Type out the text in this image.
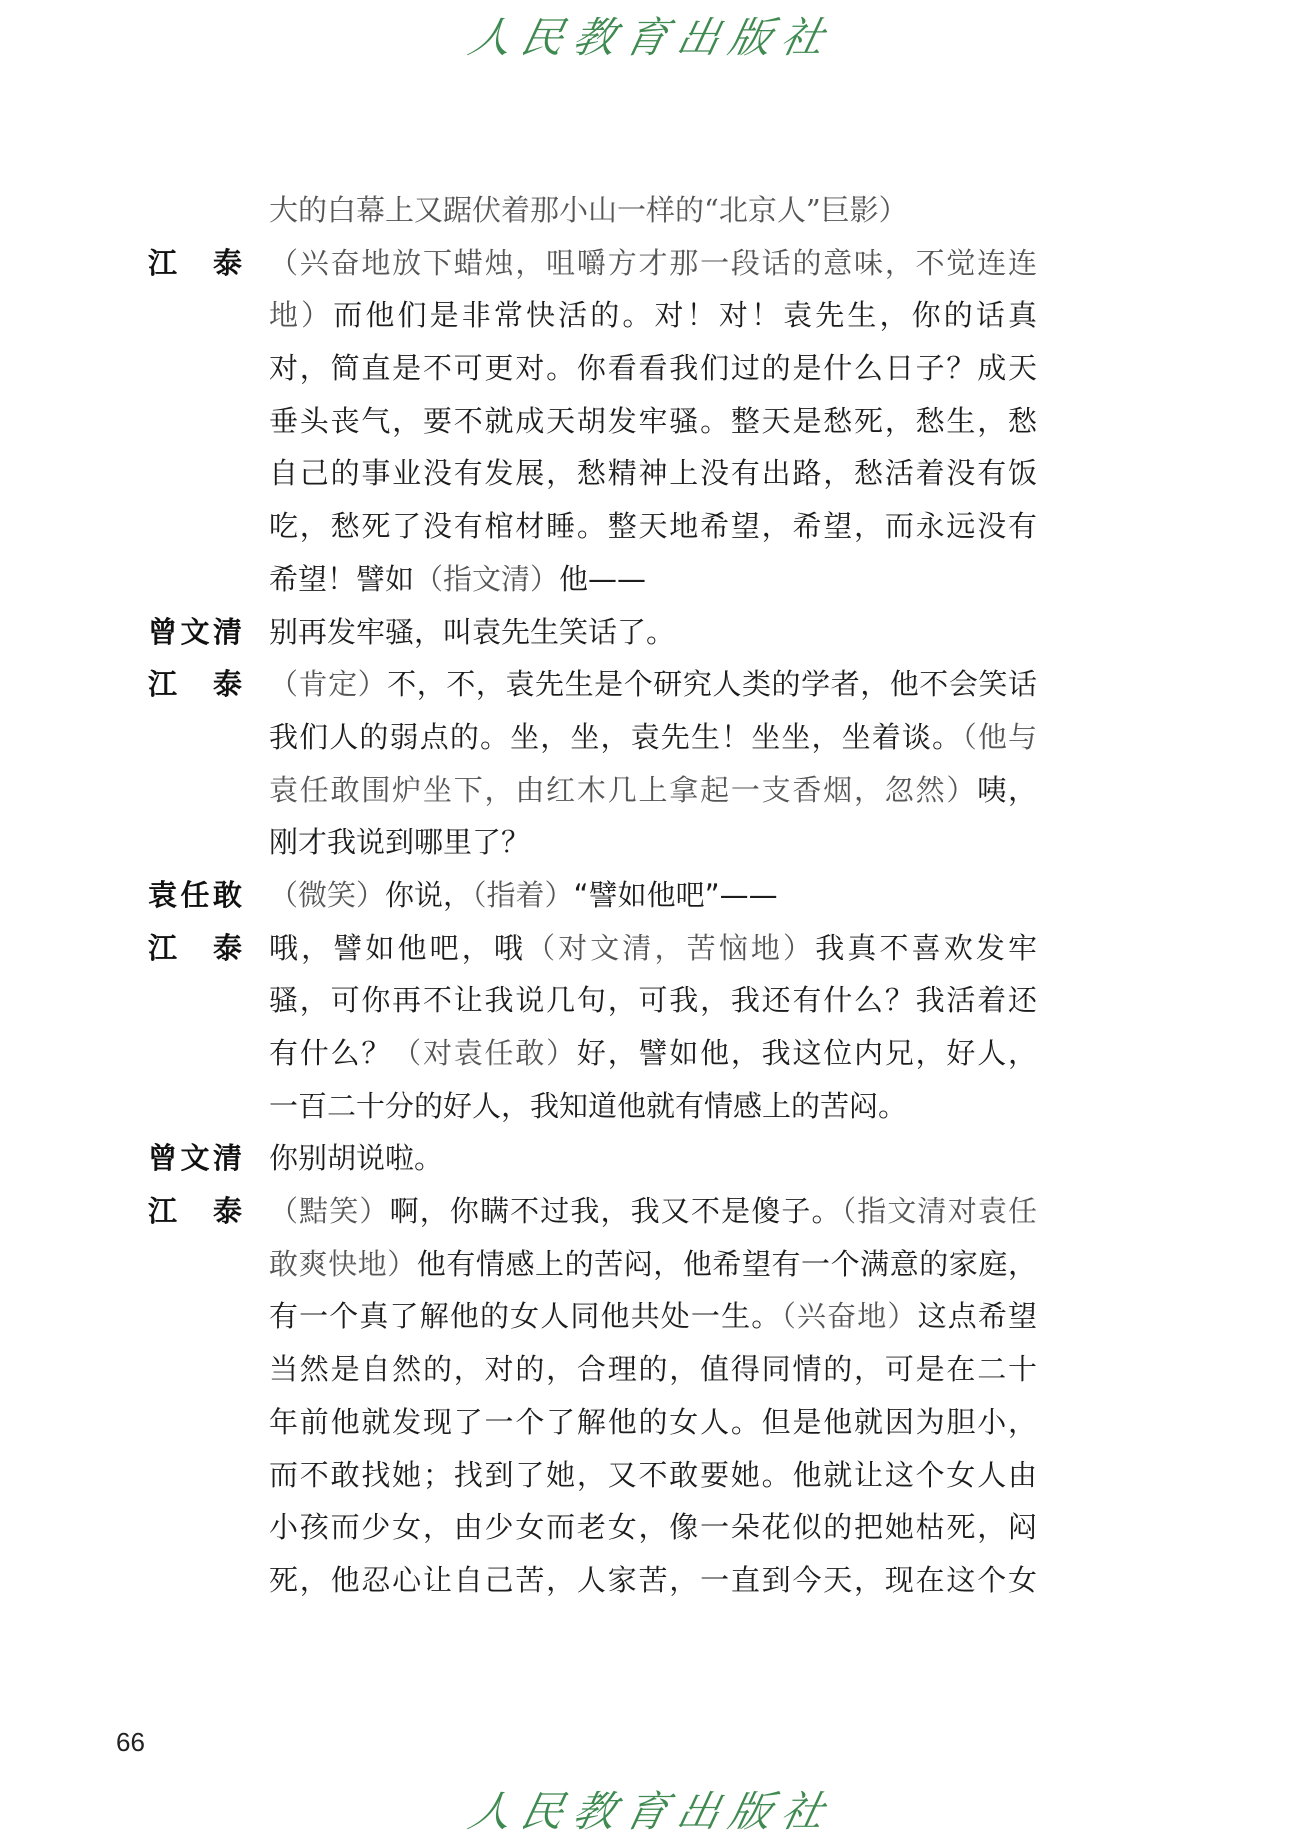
人民教育出版社
大的白幕上又踞伏着那小山一样的“北京人”巨影）
江　泰 （兴奋地放下蜡烛，咀嚼方才那一段话的意味，不觉连连
地）而他们是非常快活的。对！对！袁先生，你的话真
对，简直是不可更对。你看看我们过的是什么日子？成天
垂头丧气，要不就成天胡发牢骚。整天是愁死，愁生，愁
自己的事业没有发展，愁精神上没有出路，愁活着没有饭
吃，愁死了没有棺材睡。整天地希望，希望，而永远没有
希望！譬如（指文清）他——
曾文清 别再发牢骚，叫袁先生笑话了。
江　泰 （肯定）不，不，袁先生是个研究人类的学者，他不会笑话
我们人的弱点的。坐，坐，袁先生！坐坐，坐着谈。（他与
袁任敢围炉坐下，由红木几上拿起一支香烟，忽然）咦，
刚才我说到哪里了？
袁任敢 （微笑）你说，（指着）“譬如他吧”——
江　泰 哦，譬如他吧，哦（对文清，苦恼地）我真不喜欢发牢
骚，可你再不让我说几句，可我，我还有什么？我活着还
有什么？（对袁任敢）好，譬如他，我这位内兄，好人，
一百二十分的好人，我知道他就有情感上的苦闷。
曾文清 你别胡说啦。
江　泰 （黠笑）啊，你瞒不过我，我又不是傻子。（指文清对袁任
敢爽快地）他有情感上的苦闷，他希望有一个满意的家庭，
有一个真了解他的女人同他共处一生。（兴奋地）这点希望
当然是自然的，对的，合理的，值得同情的，可是在二十
年前他就发现了一个了解他的女人。但是他就因为胆小，
而不敢找她；找到了她，又不敢要她。他就让这个女人由
小孩而少女，由少女而老女，像一朵花似的把她枯死，闷
死，他忍心让自己苦，人家苦，一直到今天，现在这个女
66
人民教育出版社
